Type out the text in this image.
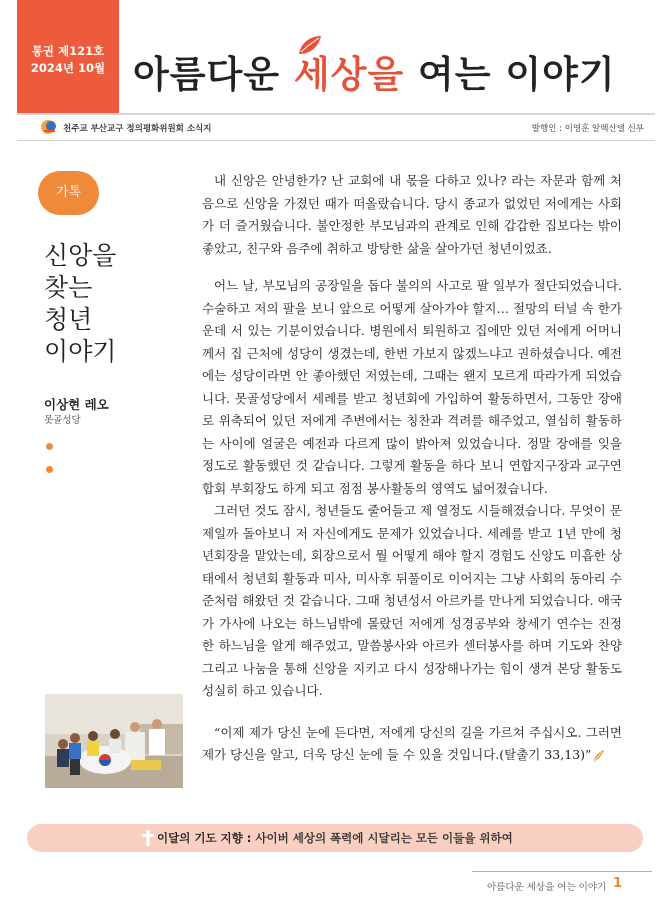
통권 제121호
2024년 10월 아름다운 세상을 여는 이야기
천주교 부산교구 정의평화위원회 소식지	발행인 : 이영훈 알렉산델 신부
가톡
신앙을
찾는
청년
이야기
이상현 레오
못골성당

내 신앙은 안녕한가? 난 교회에 내 몫을 다하고 있나? 라는 자문과 함께 처음으로 신앙을 가졌던 때가 떠올랐습니다. 당시 종교가 없었던 저에게는 사회가 더 즐거웠습니다. 불안정한 부모님과의 관계로 인해 갑갑한 집보다는 밖이 좋았고, 친구와 음주에 취하고 방탕한 삶을 살아가던 청년이었죠.

어느 날, 부모님의 공장일을 돕다 불의의 사고로 팔 일부가 절단되었습니다. 수술하고 저의 팔을 보니 앞으로 어떻게 살아가야 할지… 절망의 터널 속 한가운데 서 있는 기분이었습니다. 병원에서 퇴원하고 집에만 있던 저에게 어머니께서 집 근처에 성당이 생겼는데, 한번 가보지 않겠느냐고 권하셨습니다. 예전에는 성당이라면 안 좋아했던 저였는데, 그때는 왠지 모르게 따라가게 되었습니다. 못골성당에서 세례를 받고 청년회에 가입하여 활동하면서, 그동안 장애로 위축되어 있던 저에게 주변에서는 칭찬과 격려를 해주었고, 열심히 활동하는 사이에 얼굴은 예전과 다르게 많이 밝아져 있었습니다. 정말 장애를 잊을 정도로 활동했던 것 같습니다. 그렇게 활동을 하다 보니 연합지구장과 교구연합회 부회장도 하게 되고 점점 봉사활동의 영역도 넓어졌습니다.

그러던 것도 잠시, 청년들도 줄어들고 제 열정도 시들해졌습니다. 무엇이 문제일까 돌아보니 저 자신에게도 문제가 있었습니다. 세례를 받고 1년 만에 청년회장을 맡았는데, 회장으로서 뭘 어떻게 해야 할지 경험도 신앙도 미흡한 상태에서 청년회 활동과 미사, 미사후 뒤풀이로 이어지는 그냥 사회의 동아리 수준처럼 해왔던 것 같습니다. 그때 청년성서 아르카를 만나게 되었습니다. 애국가 가사에 나오는 하느님밖에 몰랐던 저에게 성경공부와 창세기 연수는 진정한 하느님을 알게 해주었고, 말씀봉사와 아르카 센터봉사를 하며 기도와 찬양 그리고 나눔을 통해 신앙을 지키고 다시 성장해나가는 힘이 생겨 본당 활동도 성실히 하고 있습니다.

“이제 제가 당신 눈에 든다면, 저에게 당신의 길을 가르쳐 주십시오. 그러면 제가 당신을 알고, 더욱 당신 눈에 들 수 있을 것입니다.(탈출기 33,13)”

이달의 기도 지향 : 사이버 세상의 폭력에 시달리는 모든 이들을 위하여
아름다운 세상을 여는 이야기 1
